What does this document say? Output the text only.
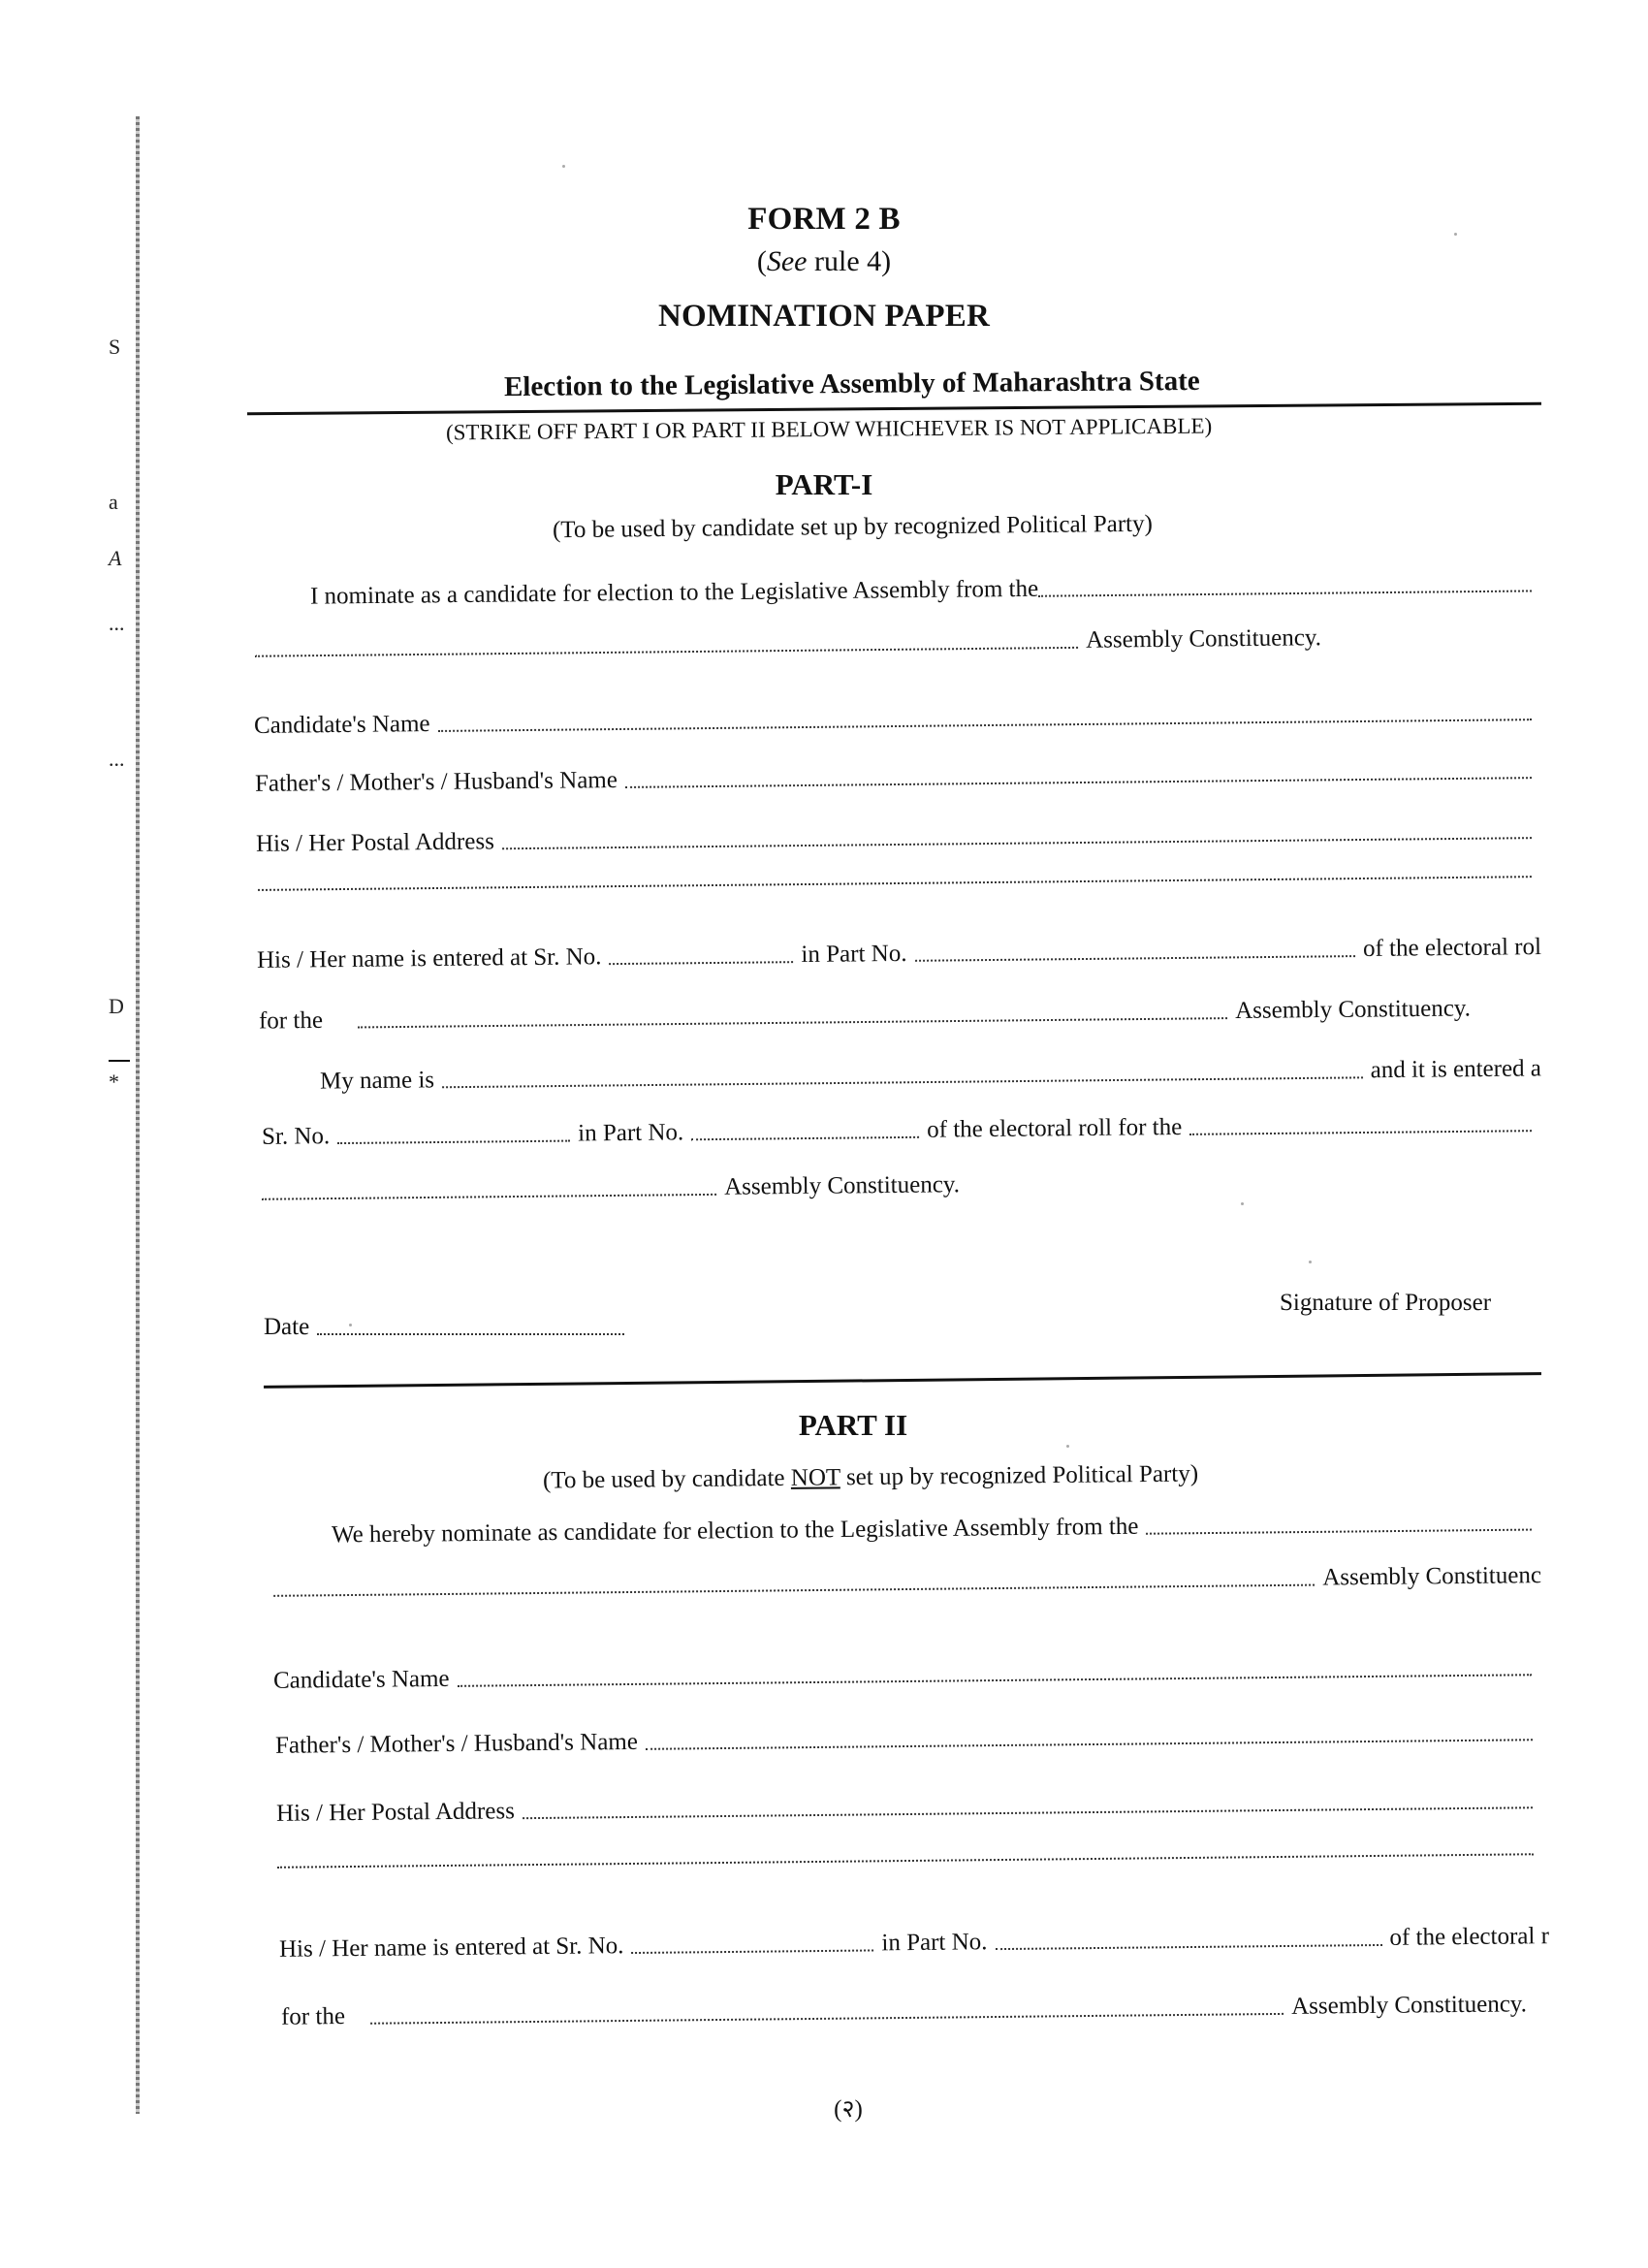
S
a
A
...
...
D
*
FORM 2 B
(See rule 4)
NOMINATION PAPER
Election to the Legislative Assembly of Maharashtra State
(STRIKE OFF PART I OR PART II BELOW WHICHEVER IS NOT APPLICABLE)
PART-I
(To be used by candidate set up by recognized Political Party)
I nominate as a candidate for election to the Legislative Assembly from the
Assembly Constituency.
Candidate's Name
Father's / Mother's / Husband's Name
His / Her Postal Address
His / Her name is entered at Sr. No.	in Part No.	of the electoral rol
for the	Assembly Constituency.
My name is	and it is entered a
Sr. No.	in Part No.	of the electoral roll for the
Assembly Constituency.
Signature of Proposer
Date
PART II
(To be used by candidate NOT set up by recognized Political Party)
We hereby nominate as candidate for election to the Legislative Assembly from the
Assembly Constituenc
Candidate's Name
Father's / Mother's / Husband's Name
His / Her Postal Address
His / Her name is entered at Sr. No.	in Part No.	of the electoral r
for the	Assembly Constituency.
(२)
